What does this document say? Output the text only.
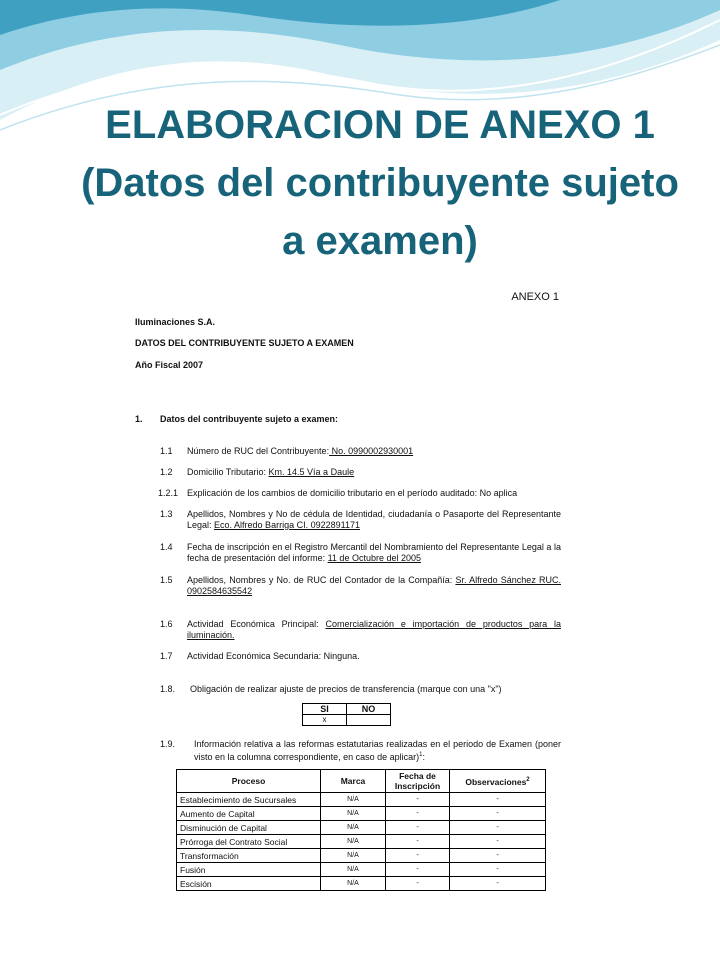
ELABORACION DE ANEXO 1
(Datos del contribuyente sujeto
a examen)
ANEXO 1
Iluminaciones S.A.
DATOS DEL CONTRIBUYENTE SUJETO A EXAMEN
Año Fiscal 2007
1. Datos del contribuyente sujeto a examen:
1.1 Número de RUC del Contribuyente: No. 0990002930001
1.2 Domicilio Tributario: Km. 14.5 Vía a Daule
1.2.1 Explicación de los cambios de domicilio tributario en el período auditado: No aplica
1.3 Apellidos, Nombres y No de cédula de Identidad, ciudadanía o Pasaporte del Representante Legal: Eco. Alfredo Barriga CI. 0922891171
1.4 Fecha de inscripción en el Registro Mercantil del Nombramiento del Representante Legal a la fecha de presentación del informe: 11 de Octubre del 2005
1.5 Apellidos, Nombres y No. de RUC del Contador de la Compañía: Sr. Alfredo Sánchez RUC. 0902584635542
1.6 Actividad Económica Principal: Comercialización e importación de productos para la iluminación.
1.7 Actividad Económica Secundaria: Ninguna.
1.8. Obligación de realizar ajuste de precios de transferencia (marque con una "x")
SI	NO
x	
1.9. Información relativa a las reformas estatutarias realizadas en el periodo de Examen (poner visto en la columna correspondiente, en caso de aplicar)$^1$:
Proceso	Marca	Fecha de Inscripción	Observaciones$^2$
Establecimiento de Sucursales	N/A	-	-
Aumento de Capital	N/A	-	-
Disminución de Capital	N/A	-	-
Prórroga del Contrato Social	N/A	-	-
Transformación	N/A	-	-
Fusión	N/A	-	-
Escisión	N/A	-	-
